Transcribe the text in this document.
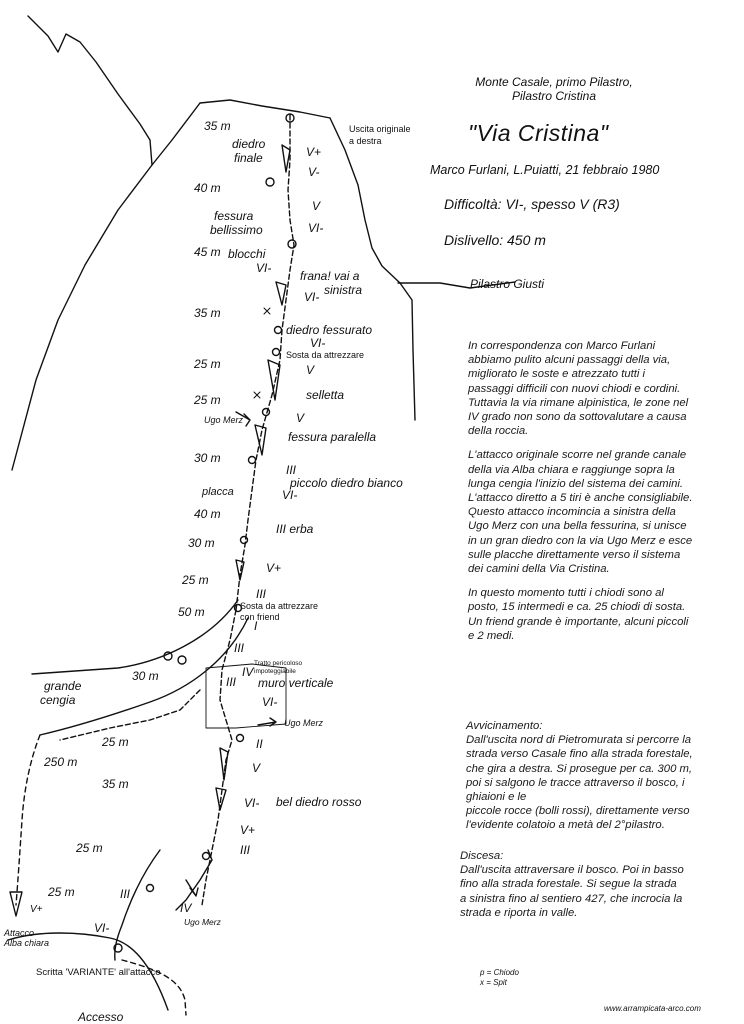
Monte Casale, primo Pilastro,
Pilastro Cristina
"Via Cristina"
Marco Furlani, L.Puiatti, 21 febbraio 1980
Difficoltà: VI-, spesso V (R3)
Dislivello: 450 m
Uscita originale
a destra
Pilastro Giusti
35 m
40 m
45 m
35 m
25 m
25 m
30 m
40 m
30 m
25 m
50 m
30 m
25 m
250 m
35 m
25 m
25 m
V+
V-
V
VI-
VI-
VI-
VI-
V
V
III
VI-
III
V+
III
I
III
IV
VI-
II
V
VI-
V+
III
III
IV
VI-
V+
diedro
finale
fessura
bellissimo
blocchi
frana! vai a
sinistra
diedro fessurato
Sosta da attrezzare
selletta
Ugo Merz
fessura paralella
piccolo diedro bianco
placca
III erba
Sosta da attrezzare
con friend
Tratto pericoloso
impoteggiabile
muro verticale
Ugo Merz
bel diedro rosso
grande
cengia
Attacco
Alba chiara
Ugo Merz
Scritta 'VARIANTE' all'attacco
Accesso

In correspondenza con Marco Furlani
abbiamo pulito alcuni passaggi della via,
migliorato le soste e atrezzato tutti i
passaggi difficili con nuovi chiodi e cordini.
Tuttavia la via rimane alpinistica, le zone nel
IV grado non sono da sottovalutare a causa
della roccia.

L'attacco originale scorre nel grande canale
della via Alba chiara e raggiunge sopra la
lunga cengia l'inizio del sistema dei camini.
L'attacco diretto a 5 tiri è anche consigliabile.
Questo attacco incomincia a sinistra della
Ugo Merz con una bella fessurina, si unisce
in un gran diedro con la via Ugo Merz e esce
sulle placche direttamente verso il sistema
dei camini della Via Cristina.

In questo momento tutti i chiodi sono al
posto, 15 intermedi e ca. 25 chiodi di sosta.
Un friend grande è importante, alcuni piccoli
e 2 medi.

Avvicinamento:
Dall'uscita nord di Pietromurata si percorre la
strada verso Casale fino alla strada forestale,
che gira a destra. Si prosegue per ca. 300 m,
poi si salgono le tracce attraverso il bosco, i
ghiaioni e le
piccole rocce (bolli rossi), direttamente verso
l'evidente colatoio a metà del 2°pilastro.
Discesa:
Dall'uscita attraversare il bosco. Poi in basso
fino alla strada forestale. Si segue la strada
a sinistra fino al sentiero 427, che incrocia la
strada e riporta in valle.
p = Chiodo
x = Spit
www.arrampicata-arco.com
